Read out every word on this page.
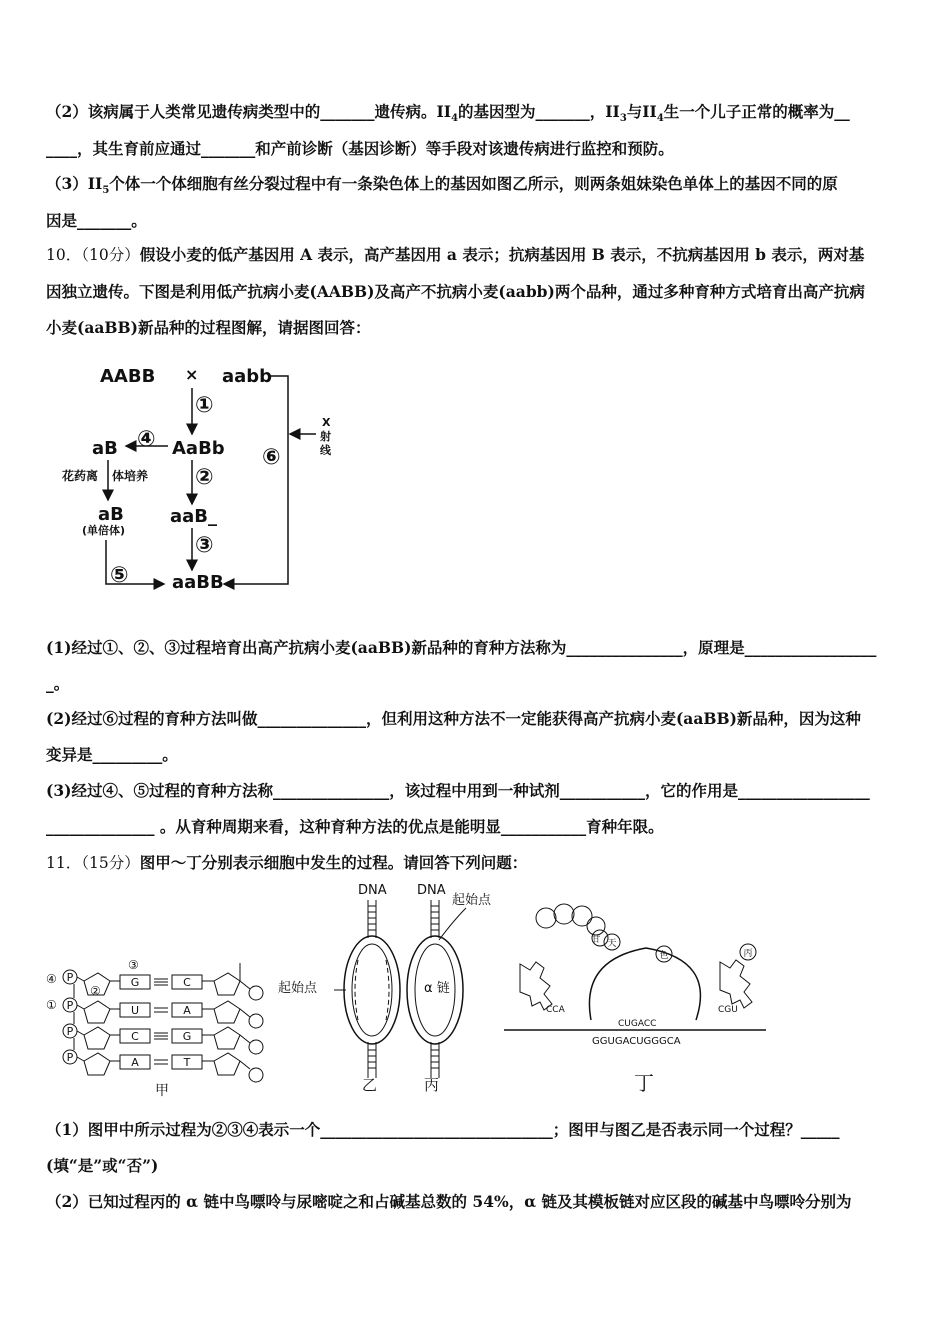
（2）该病属于人类常见遗传病类型中的_______遗传病。$II_4$的基因型为_______，$II_3$与$II_4$生一个儿子正常的概率为__
____，其生育前应通过_______和产前诊断（基因诊断）等手段对该遗传病进行监控和预防。
$(3)II_5$个体一个体细胞有丝分裂过程中有一条染色体上的基因如图乙所示，则两条姐妹染色单体上的基因不同的原
因是_______。
10．（10分）假设小麦的低产基因用 A 表示，高产基因用 a 表示；抗病基因用 B 表示，不抗病基因用 b 表示，两对基
因独立遗传。下图是利用低产抗病小麦(AABB)及高产不抗病小麦(aabb)两个品种，通过多种育种方式培育出高产抗病
小麦(aaBB)新品种的过程图解，请据图回答：
AABB × aabb
AaBb
aB
花药离 体培养
aB
(单倍体)
aaB_
aaBB
X
射
线
①
②
③
④
⑤
⑥
(1)经过①、②、③过程培育出高产抗病小麦(aaBB)新品种的育种方法称为_______________，原理是_________________
_。
(2)经过⑥过程的育种方法叫做______________，但利用这种方法不一定能获得高产抗病小麦(aaBB)新品种，因为这种
变异是_________。
(3)经过④、⑤过程的育种方法称_______________，该过程中用到一种试剂___________，它的作用是_________________
______________ 。从育种周期来看，这种育种方法的优点是能明显___________育种年限。
11．（15分）图甲～丁分别表示细胞中发生的过程。请回答下列问题：
③
④
①
②
P
P
P
P
G
U
C
A
C
A
G
T
甲
DNA DNA
起始点
起始点	α 链
乙	丙
甘 天
色	丙
CCA	CGU
CUGACC
GGUGACUGGGCA
丁
（1）图甲中所示过程为②③④表示一个______________________________；图甲与图乙是否表示同一个过程？_____
(填“是”或“否”)
（2）已知过程丙的 α 链中鸟嘌呤与尿嘧啶之和占碱基总数的 54%，α 链及其模板链对应区段的碱基中鸟嘌呤分别为
